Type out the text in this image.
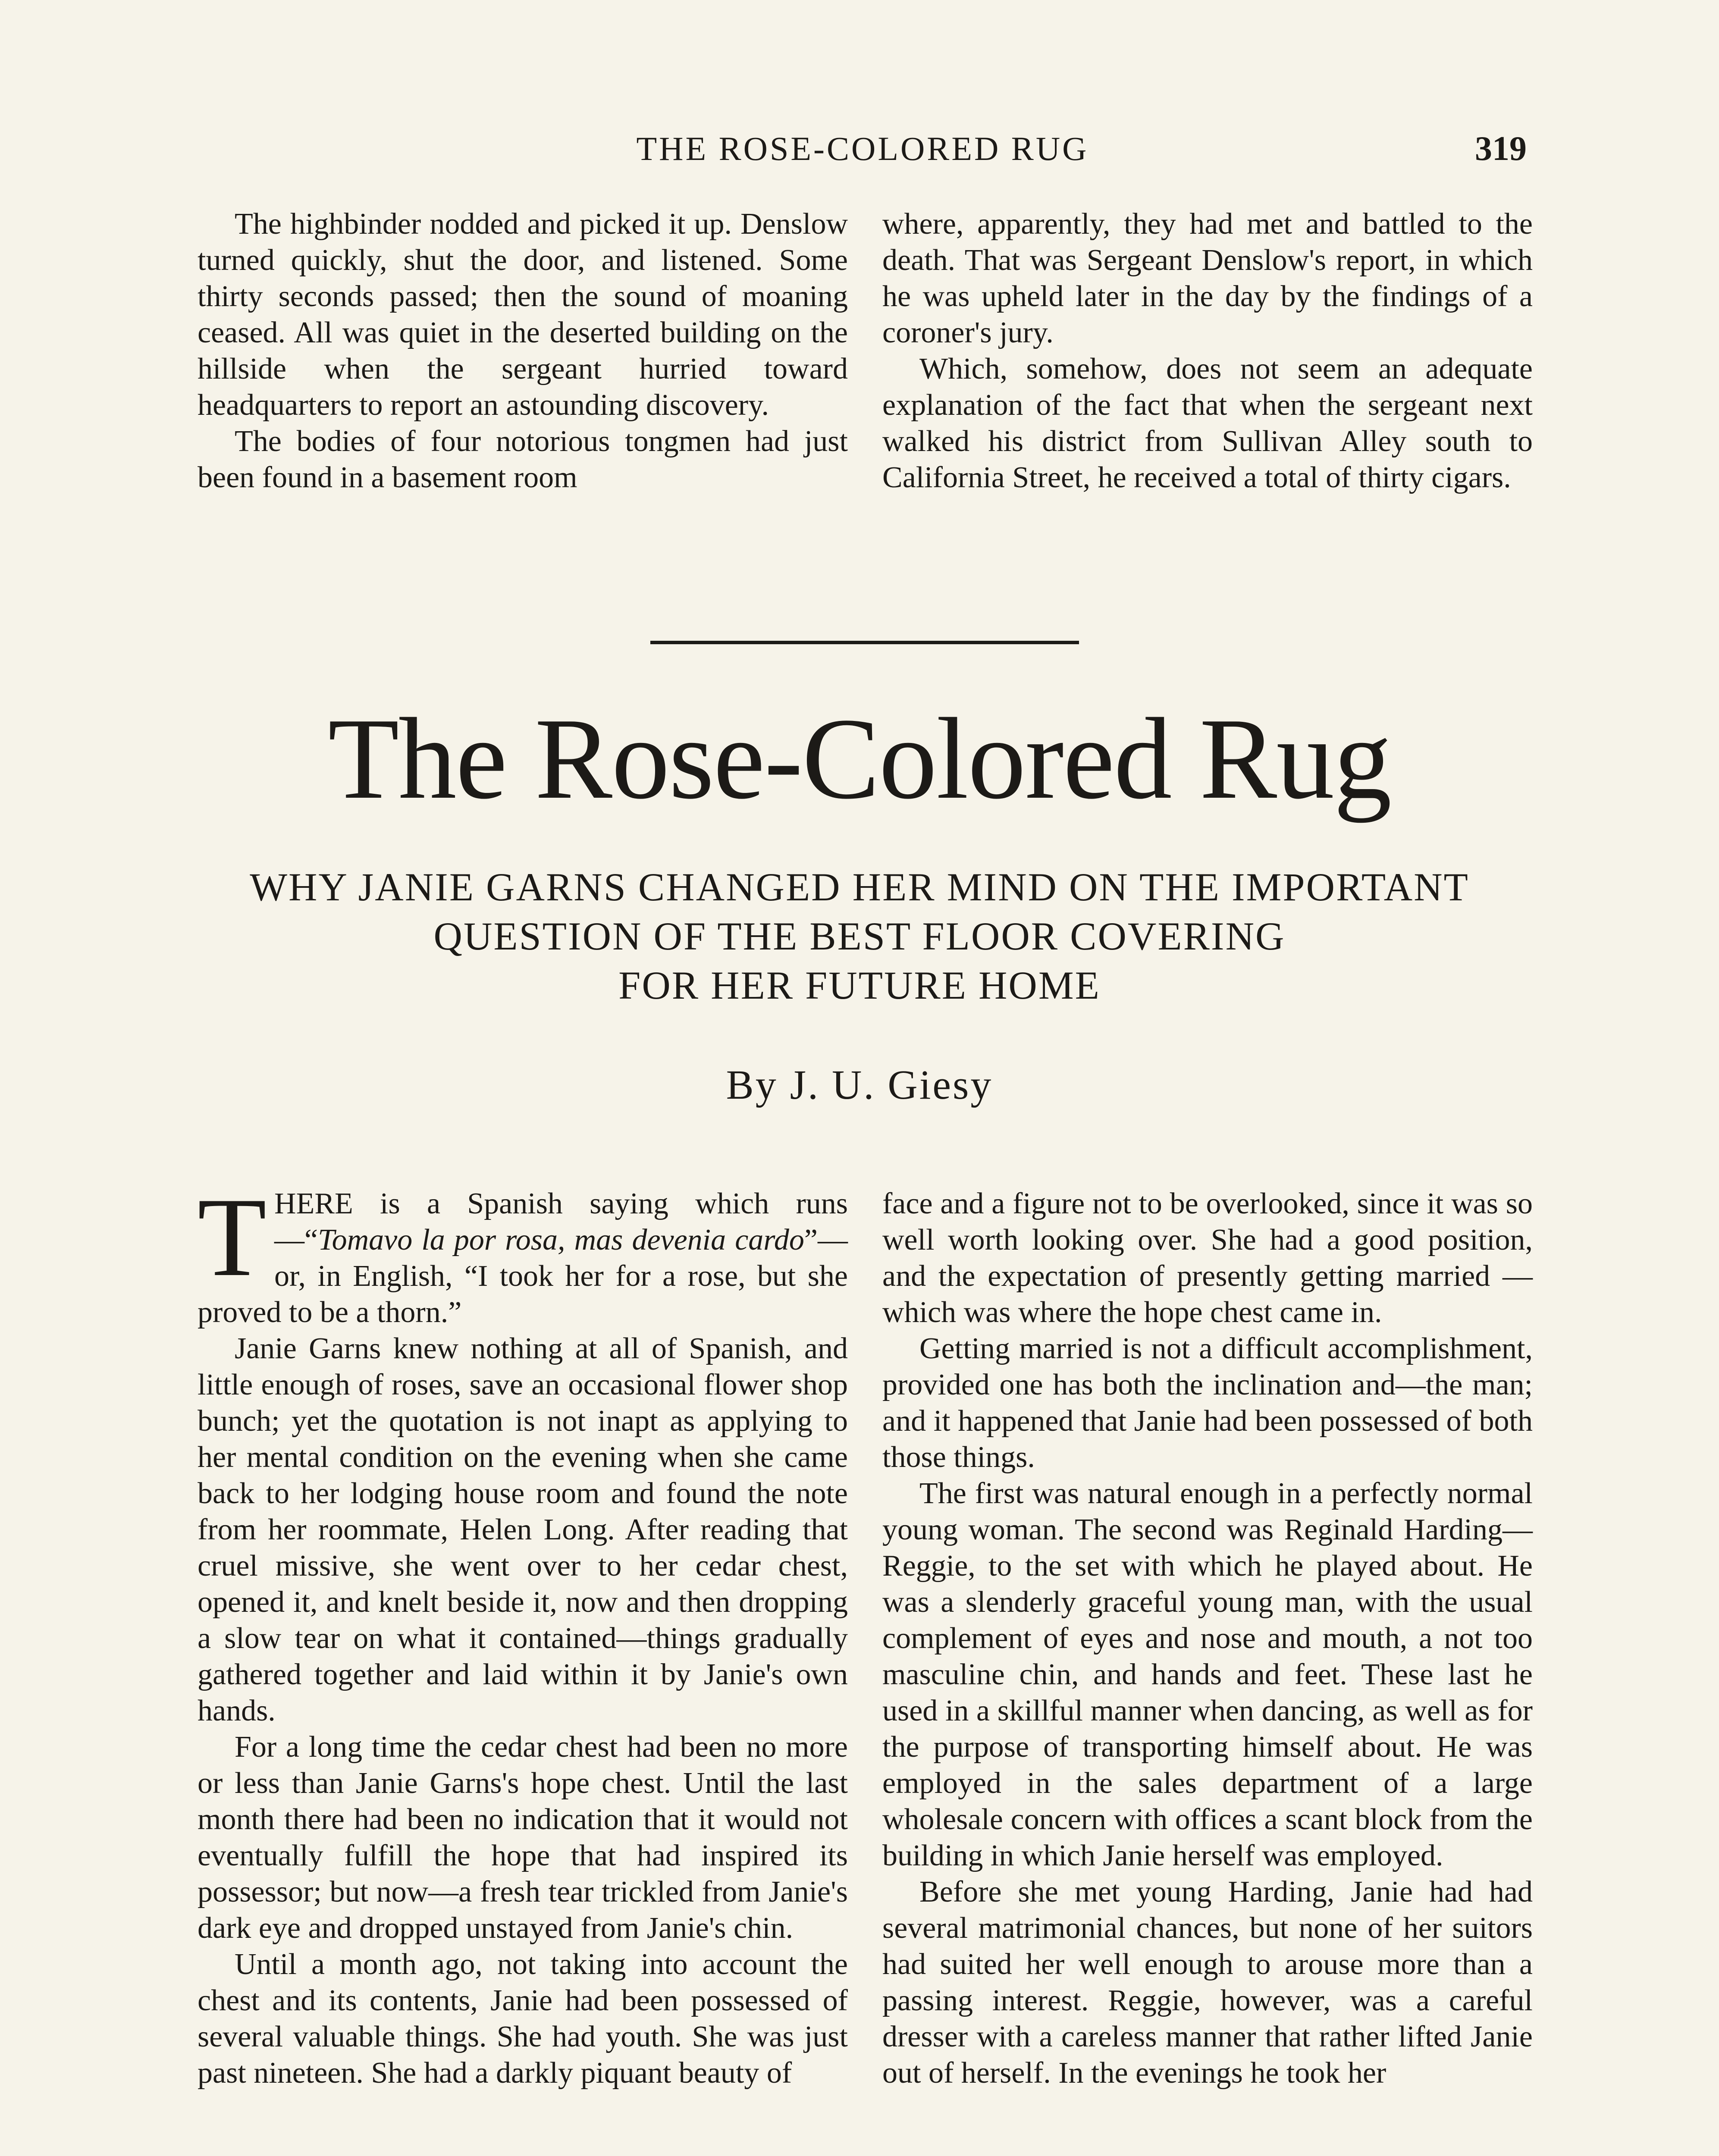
THE ROSE-COLORED RUG	319

The highbinder nodded and picked it up. Denslow turned quickly, shut the door, and listened. Some thirty seconds passed; then the sound of moaning ceased. All was quiet in the deserted building on the hillside when the sergeant hurried toward headquarters to report an astounding discovery.

The bodies of four notorious tongmen had just been found in a basement room

where, apparently, they had met and battled to the death. That was Sergeant Denslow's report, in which he was upheld later in the day by the findings of a coroner's jury.

Which, somehow, does not seem an adequate explanation of the fact that when the sergeant next walked his district from Sullivan Alley south to California Street, he received a total of thirty cigars.

The Rose-Colored Rug
WHY JANIE GARNS CHANGED HER MIND ON THE IMPORTANT
QUESTION OF THE BEST FLOOR COVERING
FOR HER FUTURE HOME
By J. U. Giesy

THERE is a Spanish saying which runs—“Tomavo la por rosa, mas devenia cardo”—or, in English, “I took her for a rose, but she proved to be a thorn.”

Janie Garns knew nothing at all of Spanish, and little enough of roses, save an occasional flower shop bunch; yet the quotation is not inapt as applying to her mental condition on the evening when she came back to her lodging house room and found the note from her roommate, Helen Long. After reading that cruel missive, she went over to her cedar chest, opened it, and knelt beside it, now and then dropping a slow tear on what it contained—things gradually gathered together and laid within it by Janie's own hands.

For a long time the cedar chest had been no more or less than Janie Garns's hope chest. Until the last month there had been no indication that it would not eventually fulfill the hope that had inspired its possessor; but now—a fresh tear trickled from Janie's dark eye and dropped unstayed from Janie's chin.

Until a month ago, not taking into account the chest and its contents, Janie had been possessed of several valuable things. She had youth. She was just past nineteen. She had a darkly piquant beauty of

face and a figure not to be overlooked, since it was so well worth looking over. She had a good position, and the expectation of presently getting married — which was where the hope chest came in.

Getting married is not a difficult accomplishment, provided one has both the inclination and—the man; and it happened that Janie had been possessed of both those things.

The first was natural enough in a perfectly normal young woman. The second was Reginald Harding—Reggie, to the set with which he played about. He was a slenderly graceful young man, with the usual complement of eyes and nose and mouth, a not too masculine chin, and hands and feet. These last he used in a skillful manner when dancing, as well as for the purpose of transporting himself about. He was employed in the sales department of a large wholesale concern with offices a scant block from the building in which Janie herself was employed.

Before she met young Harding, Janie had had several matrimonial chances, but none of her suitors had suited her well enough to arouse more than a passing interest. Reggie, however, was a careful dresser with a careless manner that rather lifted Janie out of herself. In the evenings he took her
